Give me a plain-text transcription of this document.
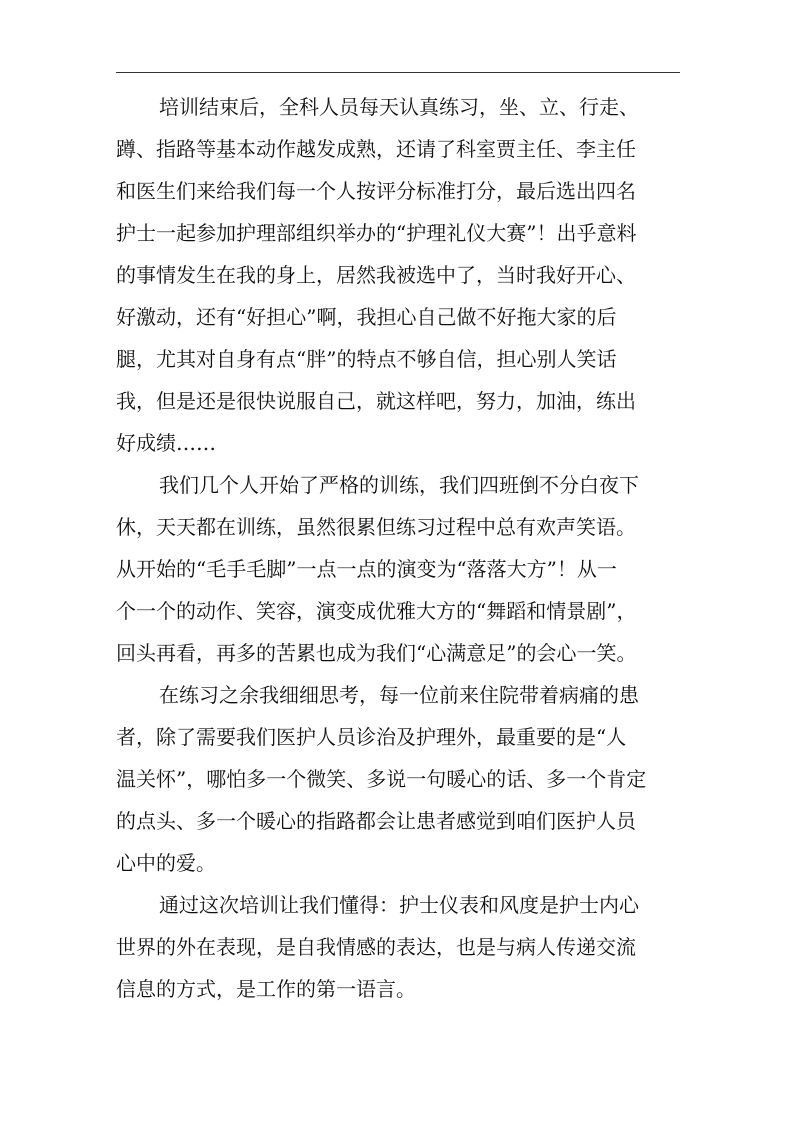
培训结束后，全科人员每天认真练习，坐、立、行走、
蹲、指路等基本动作越发成熟，还请了科室贾主任、李主任
和医生们来给我们每一个人按评分标准打分，最后选出四名
护士一起参加护理部组织举办的“护理礼仪大赛”！出乎意料
的事情发生在我的身上，居然我被选中了，当时我好开心、
好激动，还有“好担心”啊，我担心自己做不好拖大家的后
腿，尤其对自身有点“胖”的特点不够自信，担心别人笑话
我，但是还是很快说服自己，就这样吧，努力，加油，练出
好成绩……
我们几个人开始了严格的训练，我们四班倒不分白夜下
休，天天都在训练，虽然很累但练习过程中总有欢声笑语。
从开始的“毛手毛脚”一点一点的演变为“落落大方”！从一
个一个的动作、笑容，演变成优雅大方的“舞蹈和情景剧”，
回头再看，再多的苦累也成为我们“心满意足”的会心一笑。
在练习之余我细细思考，每一位前来住院带着病痛的患
者，除了需要我们医护人员诊治及护理外，最重要的是“人
温关怀”，哪怕多一个微笑、多说一句暖心的话、多一个肯定
的点头、多一个暖心的指路都会让患者感觉到咱们医护人员
心中的爱。
通过这次培训让我们懂得：护士仪表和风度是护士内心
世界的外在表现，是自我情感的表达，也是与病人传递交流
信息的方式，是工作的第一语言。
